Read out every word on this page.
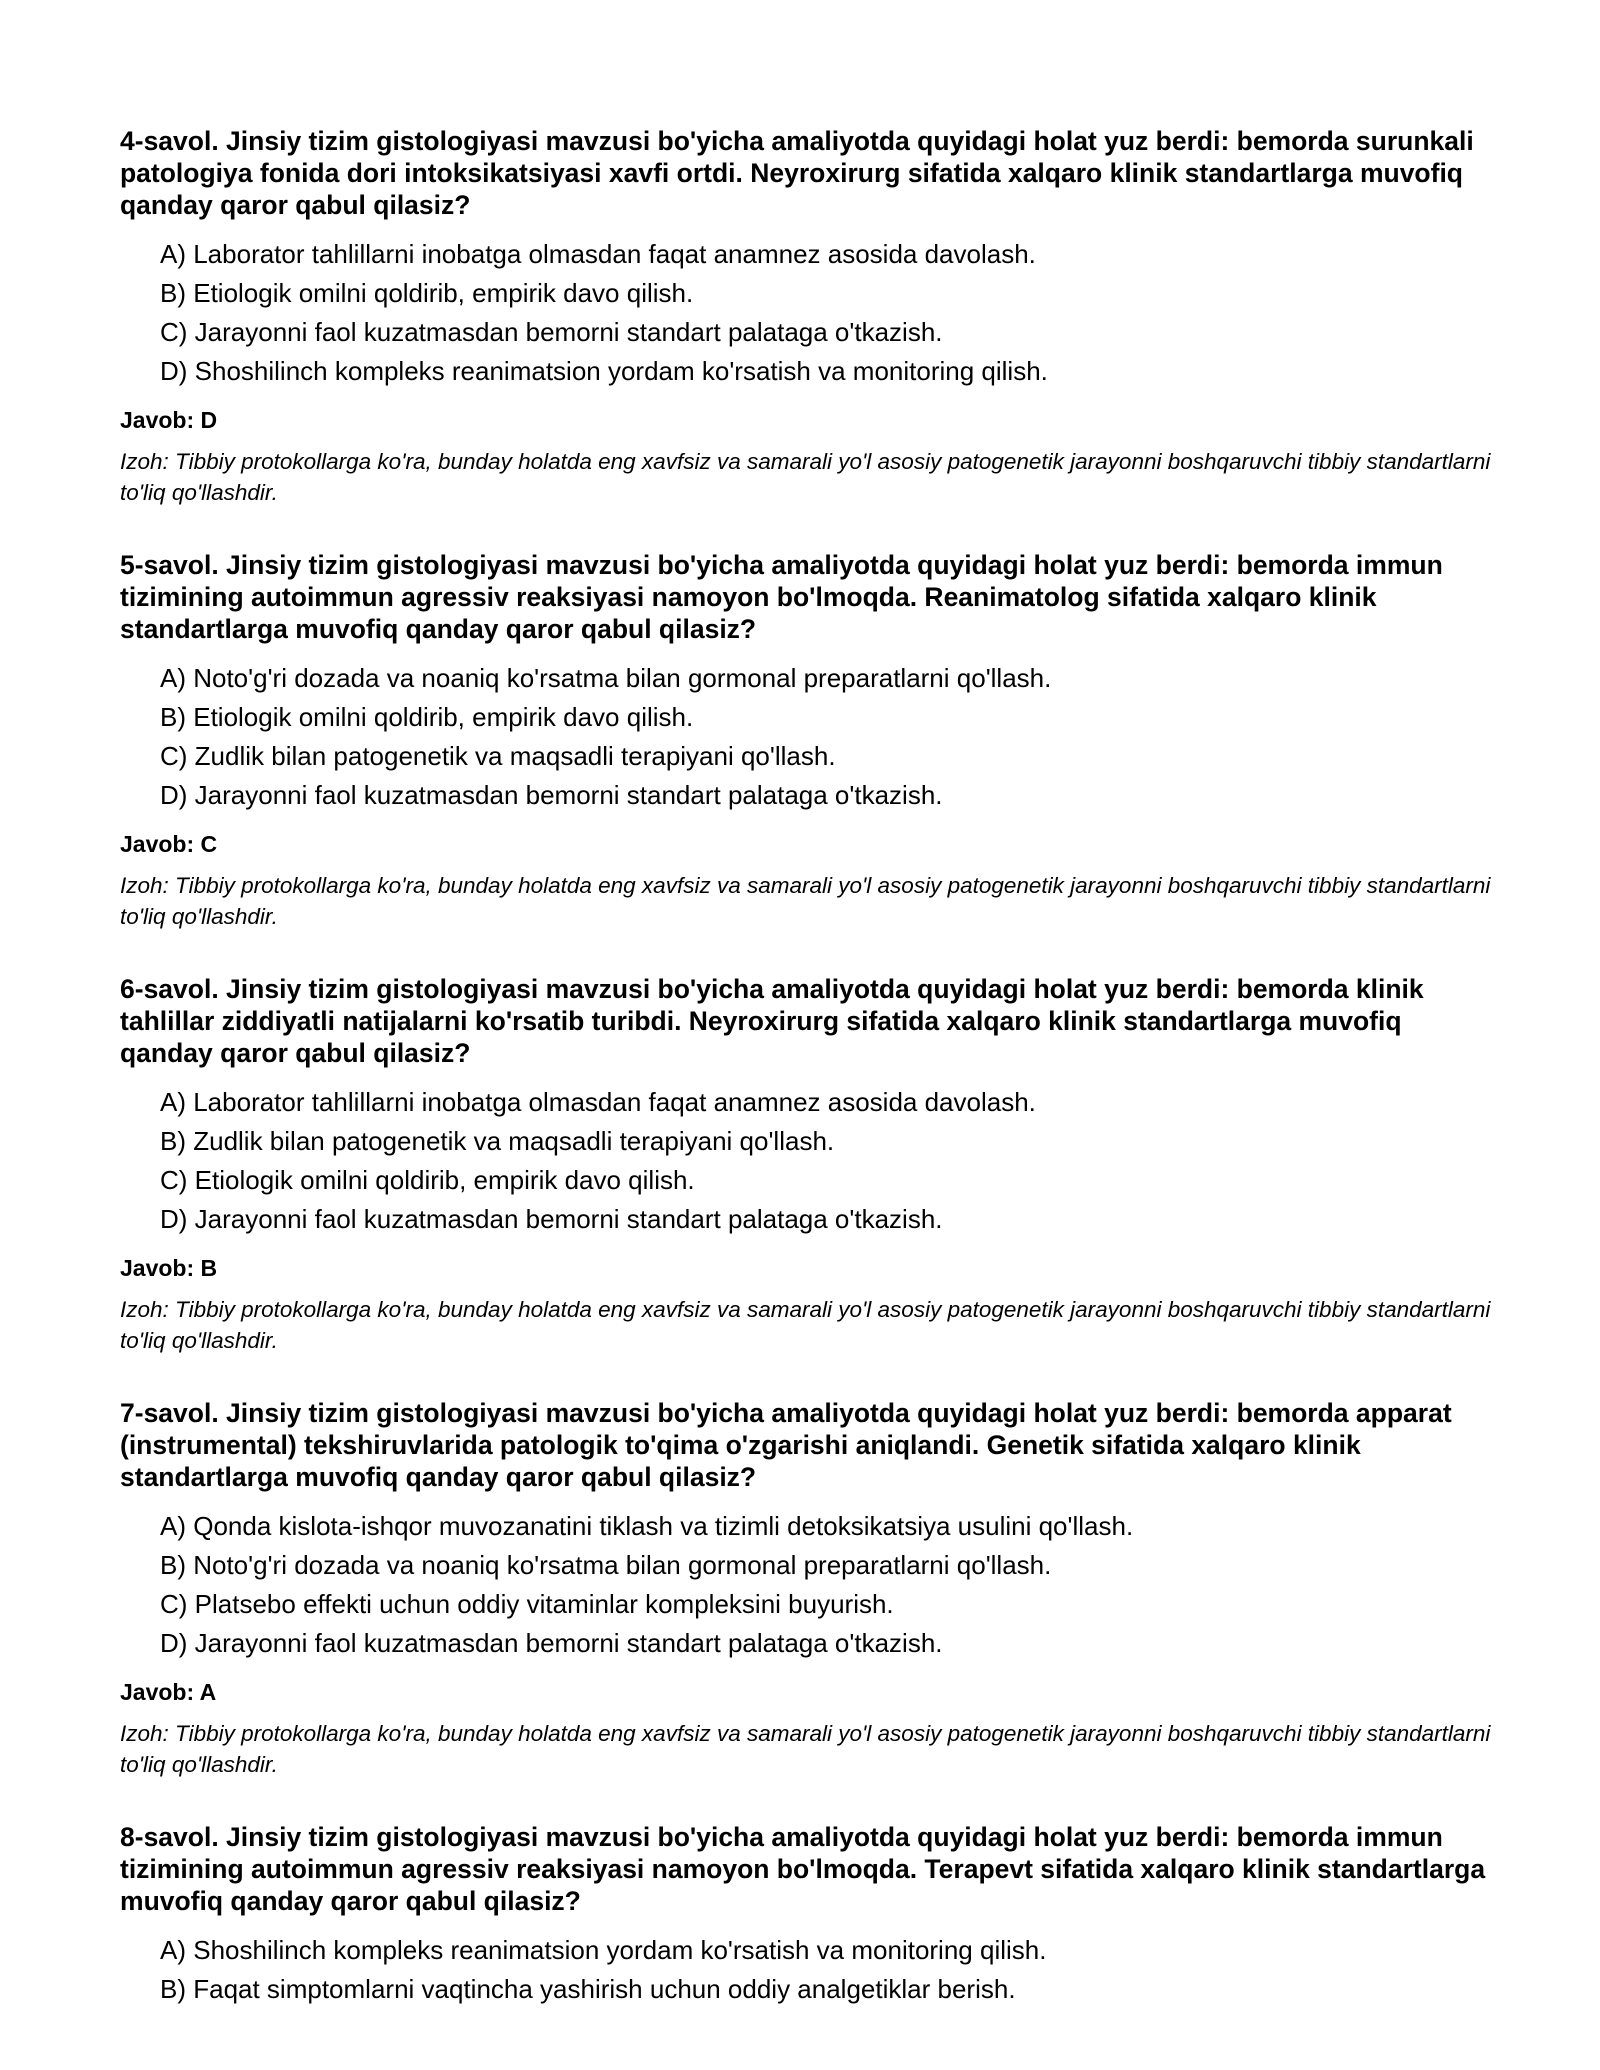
4-savol. Jinsiy tizim gistologiyasi mavzusi bo'yicha amaliyotda quyidagi holat yuz berdi: bemorda surunkali patologiya fonida dori intoksikatsiyasi xavfi ortdi. Neyroxirurg sifatida xalqaro klinik standartlarga muvofiq qanday qaror qabul qilasiz?

A) Laborator tahlillarni inobatga olmasdan faqat anamnez asosida davolash.
B) Etiologik omilni qoldirib, empirik davo qilish.
C) Jarayonni faol kuzatmasdan bemorni standart palataga o'tkazish.
D) Shoshilinch kompleks reanimatsion yordam ko'rsatish va monitoring qilish.

Javob: D

Izoh: Tibbiy protokollarga ko'ra, bunday holatda eng xavfsiz va samarali yo'l asosiy patogenetik jarayonni boshqaruvchi tibbiy standartlarni to'liq qo'llashdir.

5-savol. Jinsiy tizim gistologiyasi mavzusi bo'yicha amaliyotda quyidagi holat yuz berdi: bemorda immun tizimining autoimmun agressiv reaksiyasi namoyon bo'lmoqda. Reanimatolog sifatida xalqaro klinik standartlarga muvofiq qanday qaror qabul qilasiz?

A) Noto'g'ri dozada va noaniq ko'rsatma bilan gormonal preparatlarni qo'llash.
B) Etiologik omilni qoldirib, empirik davo qilish.
C) Zudlik bilan patogenetik va maqsadli terapiyani qo'llash.
D) Jarayonni faol kuzatmasdan bemorni standart palataga o'tkazish.

Javob: C

Izoh: Tibbiy protokollarga ko'ra, bunday holatda eng xavfsiz va samarali yo'l asosiy patogenetik jarayonni boshqaruvchi tibbiy standartlarni to'liq qo'llashdir.

6-savol. Jinsiy tizim gistologiyasi mavzusi bo'yicha amaliyotda quyidagi holat yuz berdi: bemorda klinik tahlillar ziddiyatli natijalarni ko'rsatib turibdi. Neyroxirurg sifatida xalqaro klinik standartlarga muvofiq qanday qaror qabul qilasiz?

A) Laborator tahlillarni inobatga olmasdan faqat anamnez asosida davolash.
B) Zudlik bilan patogenetik va maqsadli terapiyani qo'llash.
C) Etiologik omilni qoldirib, empirik davo qilish.
D) Jarayonni faol kuzatmasdan bemorni standart palataga o'tkazish.

Javob: B

Izoh: Tibbiy protokollarga ko'ra, bunday holatda eng xavfsiz va samarali yo'l asosiy patogenetik jarayonni boshqaruvchi tibbiy standartlarni to'liq qo'llashdir.

7-savol. Jinsiy tizim gistologiyasi mavzusi bo'yicha amaliyotda quyidagi holat yuz berdi: bemorda apparat (instrumental) tekshiruvlarida patologik to'qima o'zgarishi aniqlandi. Genetik sifatida xalqaro klinik standartlarga muvofiq qanday qaror qabul qilasiz?

A) Qonda kislota-ishqor muvozanatini tiklash va tizimli detoksikatsiya usulini qo'llash.
B) Noto'g'ri dozada va noaniq ko'rsatma bilan gormonal preparatlarni qo'llash.
C) Platsebo effekti uchun oddiy vitaminlar kompleksini buyurish.
D) Jarayonni faol kuzatmasdan bemorni standart palataga o'tkazish.

Javob: A

Izoh: Tibbiy protokollarga ko'ra, bunday holatda eng xavfsiz va samarali yo'l asosiy patogenetik jarayonni boshqaruvchi tibbiy standartlarni to'liq qo'llashdir.

8-savol. Jinsiy tizim gistologiyasi mavzusi bo'yicha amaliyotda quyidagi holat yuz berdi: bemorda immun tizimining autoimmun agressiv reaksiyasi namoyon bo'lmoqda. Terapevt sifatida xalqaro klinik standartlarga muvofiq qanday qaror qabul qilasiz?

A) Shoshilinch kompleks reanimatsion yordam ko'rsatish va monitoring qilish.
B) Faqat simptomlarni vaqtincha yashirish uchun oddiy analgetiklar berish.
